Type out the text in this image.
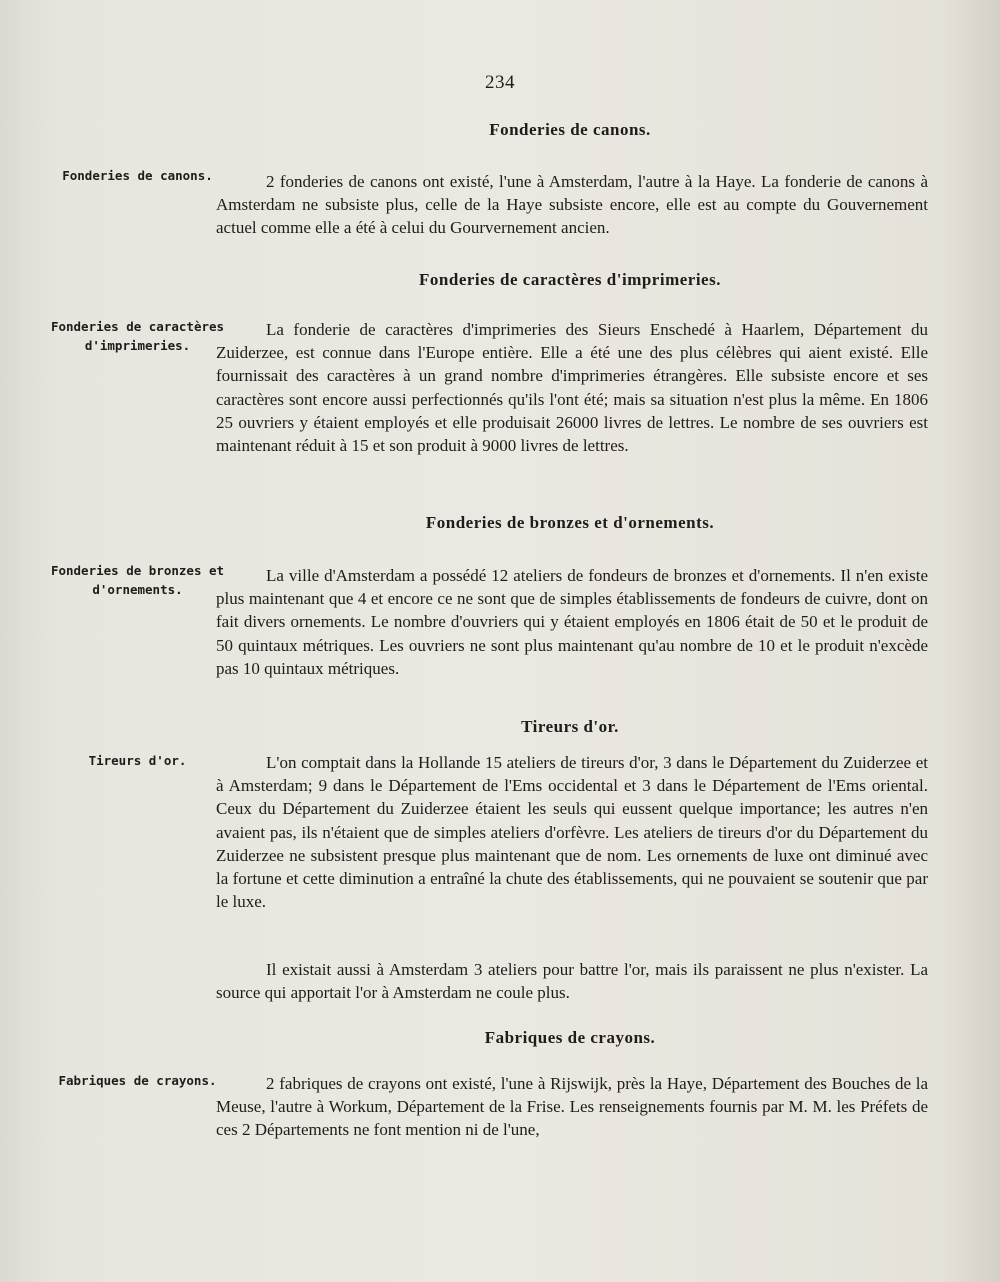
234
Fonderies de canons.
Fonderies de canons.	2 fonderies de canons ont existé, l'une à Amsterdam, l'autre à la Haye. La fonderie de canons à Amsterdam ne subsiste plus, celle de la Haye subsiste encore, elle est au compte du Gouvernement actuel comme elle a été à celui du Gourvernement ancien.

Fonderies de caractères d'imprimeries.
Fonderies de caractères d'imprimeries.

La fonderie de caractères d'imprimeries des Sieurs Enschedé à Haarlem, Département du Zuiderzee, est connue dans l'Europe entière. Elle a été une des plus célèbres qui aient existé. Elle fournissait des caractères à un grand nombre d'imprimeries étrangères. Elle subsiste encore et ses caractères sont encore aussi perfectionnés qu'ils l'ont été; mais sa situation n'est plus la même. En 1806 25 ouvriers y étaient employés et elle produisait 26000 livres de lettres. Le nombre de ses ouvriers est maintenant réduit à 15 et son produit à 9000 livres de lettres.

Fonderies de bronzes et d'ornements.
Fonderies de bronzes et d'ornements.

La ville d'Amsterdam a possédé 12 ateliers de fondeurs de bronzes et d'ornements. Il n'en existe plus maintenant que 4 et encore ce ne sont que de simples établissements de fondeurs de cuivre, dont on fait divers ornements. Le nombre d'ouvriers qui y étaient employés en 1806 était de 50 et le produit de 50 quintaux métriques. Les ouvriers ne sont plus maintenant qu'au nombre de 10 et le produit n'excède pas 10 quintaux métriques.

Tireurs d'or.
Tireurs d'or.	L'on comptait dans la Hollande 15 ateliers de tireurs d'or, 3 dans le Département du Zuiderzee et à Amsterdam; 9 dans le Département de l'Ems occidental et 3 dans le Département de l'Ems oriental. Ceux du Département du Zuiderzee étaient les seuls qui eussent quelque importance; les autres n'en avaient pas, ils n'étaient que de simples ateliers d'orfèvre. Les ateliers de tireurs d'or du Département du Zuiderzee ne subsistent presque plus maintenant que de nom. Les ornements de luxe ont diminué avec la fortune et cette diminution a entraîné la chute des établissements, qui ne pouvaient se soutenir que par le luxe.

Il existait aussi à Amsterdam 3 ateliers pour battre l'or, mais ils paraissent ne plus n'exister. La source qui apportait l'or à Amsterdam ne coule plus.

Fabriques de crayons.
Fabriques de crayons.	2 fabriques de crayons ont existé, l'une à Rijswijk, près la Haye, Département des Bouches de la Meuse, l'autre à Workum, Département de la Frise. Les renseignements fournis par M. M. les Préfets de ces 2 Départements ne font mention ni de l'une,
